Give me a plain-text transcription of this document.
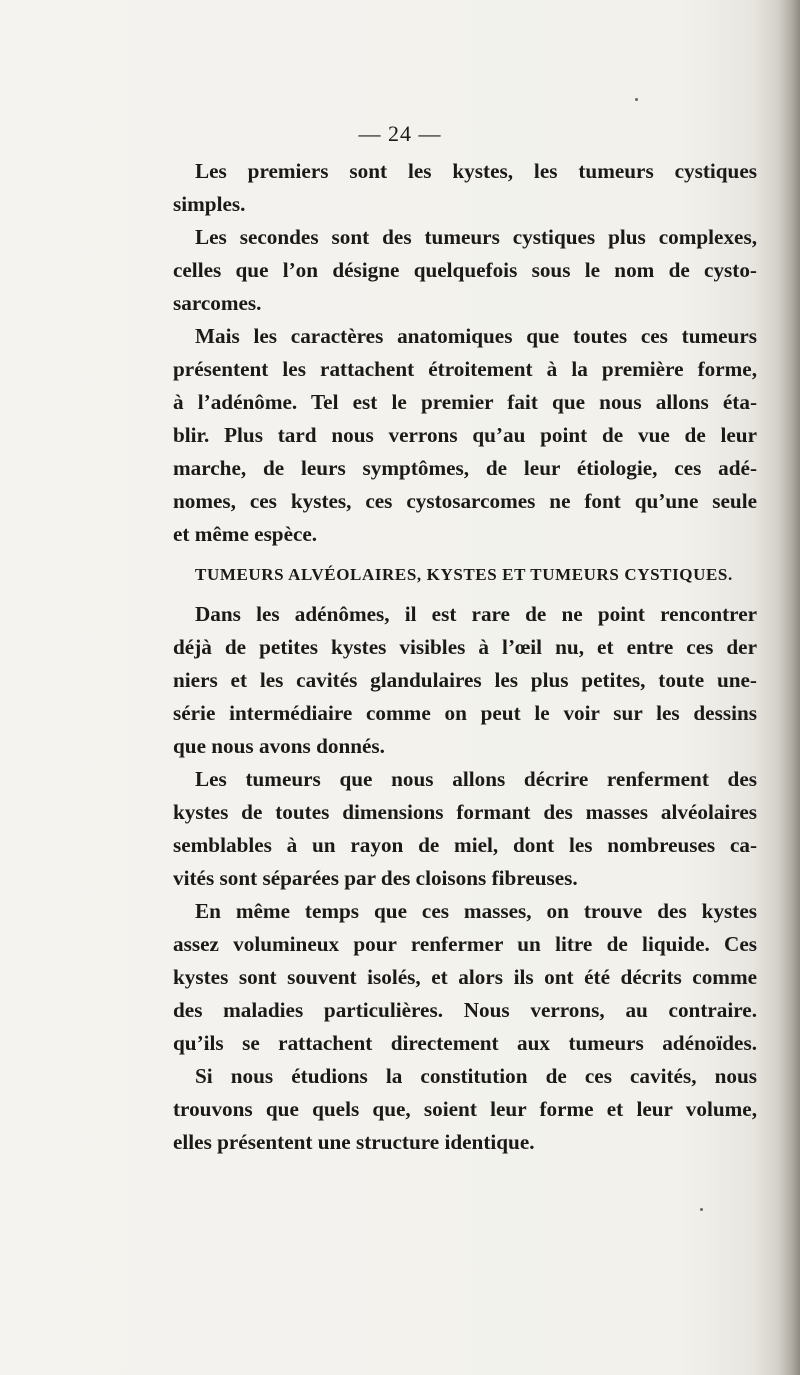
— 24 —
Les premiers sont les kystes, les tumeurs cystiques
simples.
Les secondes sont des tumeurs cystiques plus complexes,
celles que l’on désigne quelquefois sous le nom de cysto-
sarcomes.
Mais les caractères anatomiques que toutes ces tumeurs
présentent les rattachent étroitement à la première forme,
à l’adénôme. Tel est le premier fait que nous allons éta-
blir. Plus tard nous verrons qu’au point de vue de leur
marche, de leurs symptômes, de leur étiologie, ces adé-
nomes, ces kystes, ces cystosarcomes ne font qu’une seule
et même espèce.
TUMEURS ALVÉOLAIRES, KYSTES ET TUMEURS CYSTIQUES.
Dans les adénômes, il est rare de ne point rencontrer
déjà de petites kystes visibles à l’œil nu, et entre ces der
niers et les cavités glandulaires les plus petites, toute une-
série intermédiaire comme on peut le voir sur les dessins
que nous avons donnés.
Les tumeurs que nous allons décrire renferment des
kystes de toutes dimensions formant des masses alvéolaires
semblables à un rayon de miel, dont les nombreuses ca-
vités sont séparées par des cloisons fibreuses.
En même temps que ces masses, on trouve des kystes
assez volumineux pour renfermer un litre de liquide. Ces
kystes sont souvent isolés, et alors ils ont été décrits comme
des maladies particulières. Nous verrons, au contraire.
qu’ils se rattachent directement aux tumeurs adénoïdes.
Si nous étudions la constitution de ces cavités, nous
trouvons que quels que, soient leur forme et leur volume,
elles présentent une structure identique.
